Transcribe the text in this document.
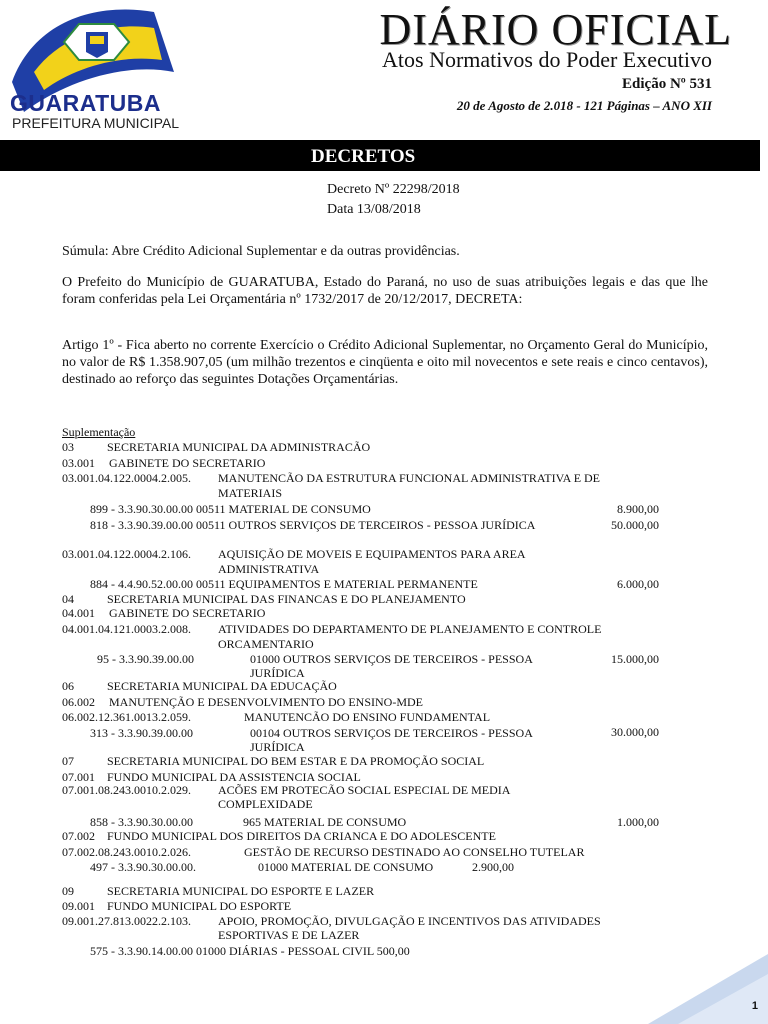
GUARATUBA
PREFEITURA MUNICIPAL
DIÁRIO OFICIAL
Atos Normativos do Poder Executivo
Edição Nº 531
20 de Agosto de 2.018 - 121 Páginas – ANO XII
DECRETOS
Decreto Nº 22298/2018
Data 13/08/2018
Súmula: Abre Crédito Adicional Suplementar e da outras providências.
O Prefeito do Município de GUARATUBA, Estado do Paraná, no uso de suas atribuições legais e das que lhe foram conferidas pela Lei Orçamentária nº 1732/2017 de 20/12/2017, DECRETA:
Artigo 1º - Fica aberto no corrente Exercício o Crédito Adicional Suplementar, no Orçamento Geral do Município, no valor de R$ 1.358.907,05 (um milhão trezentos e cinqüenta e oito mil novecentos e sete reais e cinco centavos), destinado ao reforço das seguintes Dotações Orçamentárias.
Suplementação
03	SECRETARIA MUNICIPAL DA ADMINISTRACÃO
03.001 GABINETE DO SECRETARIO
03.001.04.122.0004.2.005. MANUTENCÃO DA ESTRUTURA FUNCIONAL ADMINISTRATIVA E DE
MATERIAIS
899 - 3.3.90.30.00.00 00511 MATERIAL DE CONSUMO	8.900,00
818 - 3.3.90.39.00.00 00511 OUTROS SERVIÇOS DE TERCEIROS - PESSOA JURÍDICA	50.000,00
03.001.04.122.0004.2.106. AQUISIÇÃO DE MOVEIS E EQUIPAMENTOS PARA AREA
ADMINISTRATIVA
884 - 4.4.90.52.00.00 00511 EQUIPAMENTOS E MATERIAL PERMANENTE	6.000,00
04	SECRETARIA MUNICIPAL DAS FINANCAS E DO PLANEJAMENTO
04.001 GABINETE DO SECRETARIO
04.001.04.121.0003.2.008. ATIVIDADES DO DEPARTAMENTO DE PLANEJAMENTO E CONTROLE
ORCAMENTARIO
95 - 3.3.90.39.00.00	01000 OUTROS SERVIÇOS DE TERCEIROS - PESSOA
JURÍDICA
15.000,00
06	SECRETARIA MUNICIPAL DA EDUCAÇÃO
06.002 MANUTENÇÃO E DESENVOLVIMENTO DO ENSINO-MDE
06.002.12.361.0013.2.059.	MANUTENCÃO DO ENSINO FUNDAMENTAL
313 - 3.3.90.39.00.00	00104 OUTROS SERVIÇOS DE TERCEIROS - PESSOA
JURÍDICA
30.000,00
07	SECRETARIA MUNICIPAL DO BEM ESTAR E DA PROMOÇÃO SOCIAL
07.001 FUNDO MUNICIPAL DA ASSISTENCIA SOCIAL
07.001.08.243.0010.2.029. ACÕES EM PROTECÃO SOCIAL ESPECIAL DE MEDIA
COMPLEXIDADE
858 - 3.3.90.30.00.00	965 MATERIAL DE CONSUMO	1.000,00
07.002 FUNDO MUNICIPAL DOS DIREITOS DA CRIANCA E DO ADOLESCENTE
07.002.08.243.0010.2.026.	GESTÃO DE RECURSO DESTINADO AO CONSELHO TUTELAR
497 - 3.3.90.30.00.00.	01000 MATERIAL DE CONSUMO	2.900,00
09	SECRETARIA MUNICIPAL DO ESPORTE E LAZER
09.001 FUNDO MUNICIPAL DO ESPORTE
09.001.27.813.0022.2.103. APOIO, PROMOÇÃO, DIVULGAÇÃO E INCENTIVOS DAS ATIVIDADES
ESPORTIVAS E DE LAZER
575 - 3.3.90.14.00.00 01000 DIÁRIAS - PESSOAL CIVIL 500,00
1
